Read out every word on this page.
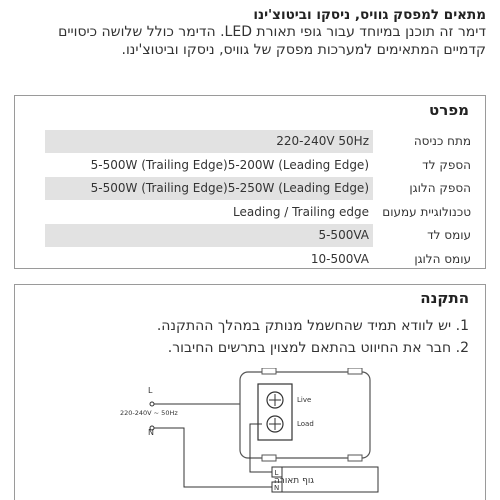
מתאים למפסק גוויס, ניסקו וביטוצ'ינו

דימר זה תוכנן במיוחד עבור גופי תאורת LED. הדימר כולל שלושה כיסויים קדמיים המתאימים למערכות מפסק של גוויס, ניסקו וביטוצ'ינו.

מפרט
מתח כניסה
220-240V 50Hz
הספק לד
5-500W (Trailing Edge)5-200W (Leading Edge)
הספק הלוגן
5-500W (Trailing Edge)5-250W (Leading Edge)
טכנולוגיית עמעום
Leading / Trailing edge
עומס לד
5-500VA
עומס הלוגן
10-500VA
התקנה
1. יש לוודא תמיד שהחשמל מנותק במהלך ההתקנה.
2. חבר את החיווט בהתאם למצוין בתרשים החיבור.
L
220-240V ~ 50Hz
N
Live
Load
L
N
גוף תאורה
